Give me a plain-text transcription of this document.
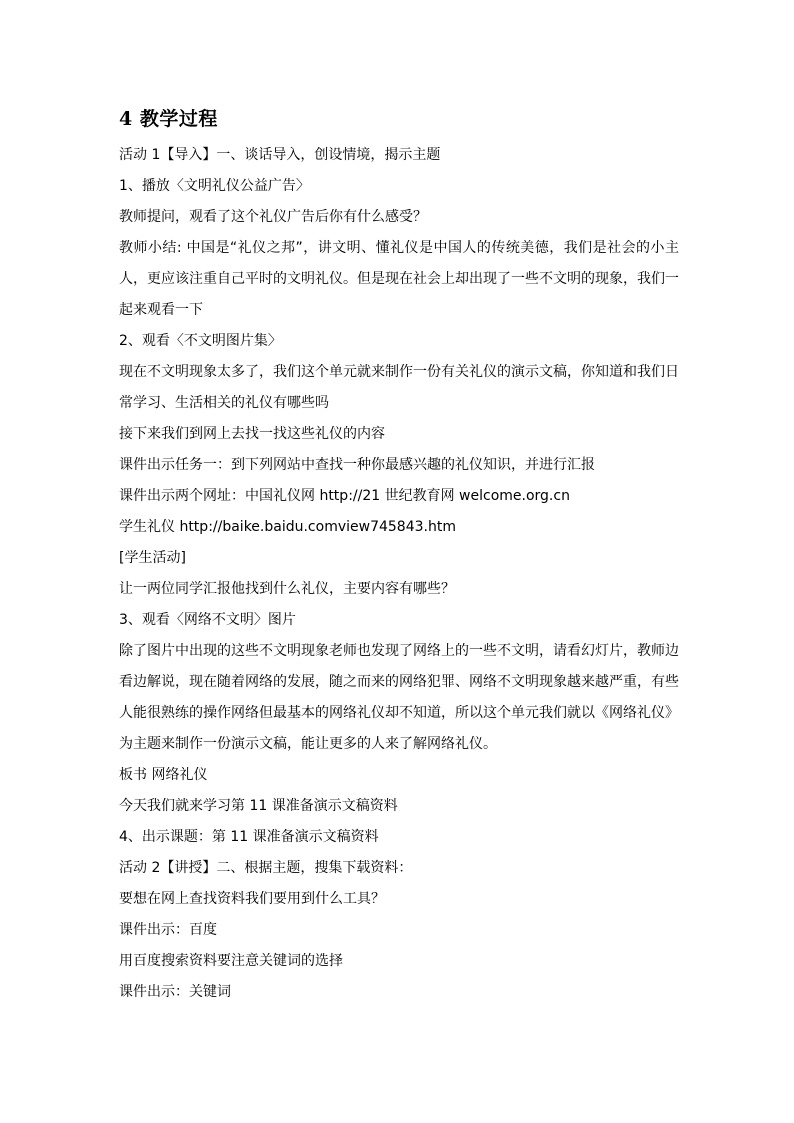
4 教学过程

活动 1【导入】一、谈话导入，创设情境，揭示主题

1、播放〈文明礼仪公益广告〉

教师提问，观看了这个礼仪广告后你有什么感受？

教师小结: 中国是“礼仪之邦”，讲文明、懂礼仪是中国人的传统美德，我们是社会的小主人，更应该注重自己平时的文明礼仪。但是现在社会上却出现了一些不文明的现象，我们一起来观看一下

2、观看〈不文明图片集〉

现在不文明现象太多了，我们这个单元就来制作一份有关礼仪的演示文稿，你知道和我们日常学习、生活相关的礼仪有哪些吗

接下来我们到网上去找一找这些礼仪的内容

课件出示任务一：到下列网站中查找一种你最感兴趣的礼仪知识，并进行汇报

课件出示两个网址：中国礼仪网 http://21 世纪教育网 welcome.org.cn

学生礼仪 http://baike.baidu.comview745843.htm

[学生活动]

让一两位同学汇报他找到什么礼仪，主要内容有哪些？

3、观看〈网络不文明〉图片

除了图片中出现的这些不文明现象老师也发现了网络上的一些不文明，请看幻灯片，教师边看边解说，现在随着网络的发展，随之而来的网络犯罪、网络不文明现象越来越严重，有些人能很熟练的操作网络但最基本的网络礼仪却不知道，所以这个单元我们就以《网络礼仪》为主题来制作一份演示文稿，能让更多的人来了解网络礼仪。

板书 网络礼仪

今天我们就来学习第 11 课准备演示文稿资料

4、出示课题：第 11 课准备演示文稿资料

活动 2【讲授】二、根据主题，搜集下载资料：

要想在网上查找资料我们要用到什么工具？

课件出示：百度

用百度搜索资料要注意关键词的选择

课件出示：关键词
